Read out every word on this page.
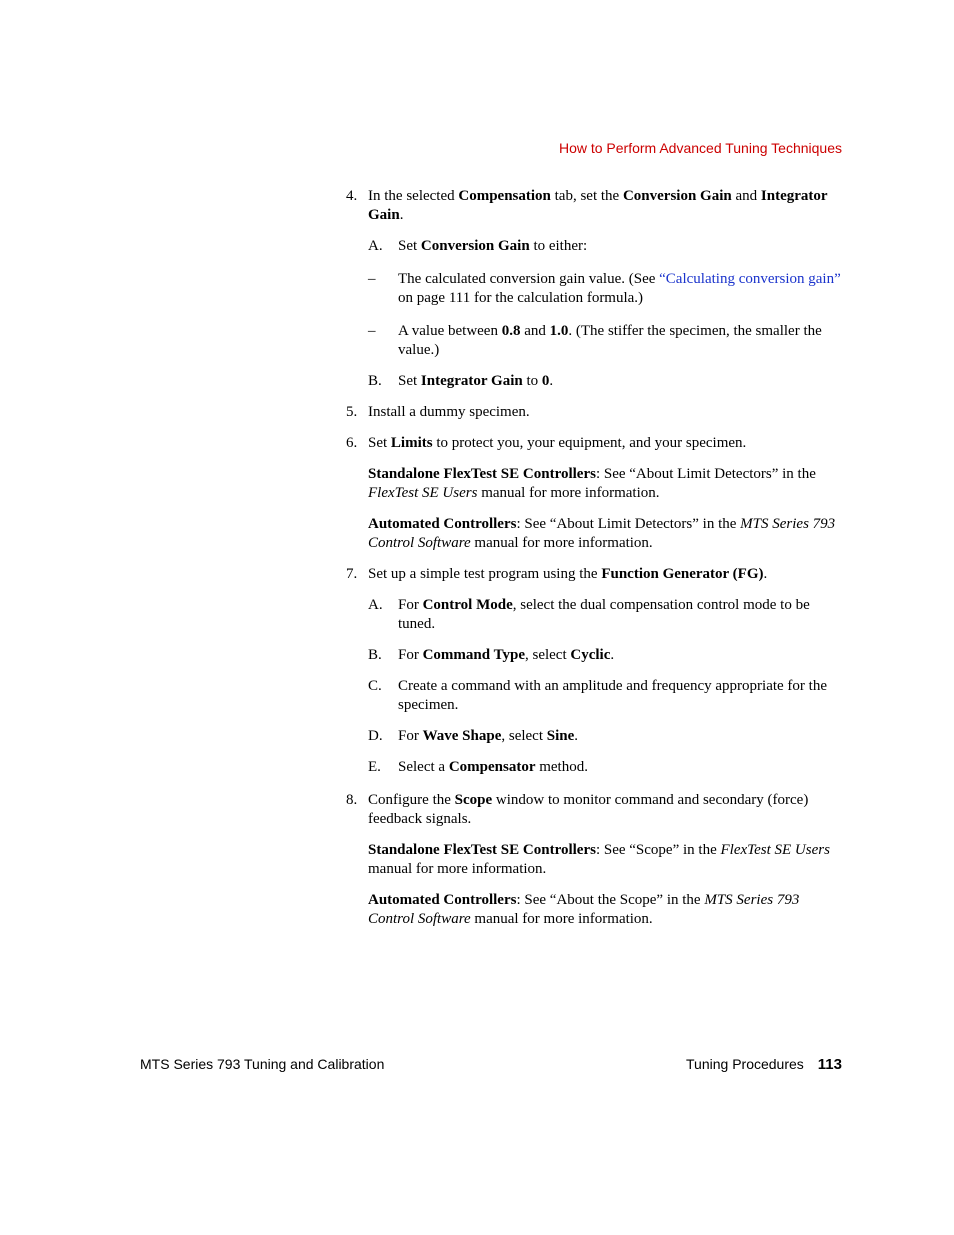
How to Perform Advanced Tuning Techniques
4. In the selected Compensation tab, set the Conversion Gain and Integrator Gain.
A. Set Conversion Gain to either:
– The calculated conversion gain value. (See “Calculating conversion gain” on page 111 for the calculation formula.)
– A value between 0.8 and 1.0. (The stiffer the specimen, the smaller the value.)
B. Set Integrator Gain to 0.
5. Install a dummy specimen.
6. Set Limits to protect you, your equipment, and your specimen.
Standalone FlexTest SE Controllers: See “About Limit Detectors” in the FlexTest SE Users manual for more information.
Automated Controllers: See “About Limit Detectors” in the MTS Series 793 Control Software manual for more information.
7. Set up a simple test program using the Function Generator (FG).
A. For Control Mode, select the dual compensation control mode to be tuned.
B. For Command Type, select Cyclic.
C. Create a command with an amplitude and frequency appropriate for the specimen.
D. For Wave Shape, select Sine.
E. Select a Compensator method.
8. Configure the Scope window to monitor command and secondary (force) feedback signals.
Standalone FlexTest SE Controllers: See “Scope” in the FlexTest SE Users manual for more information.
Automated Controllers: See “About the Scope” in the MTS Series 793 Control Software manual for more information.
MTS Series 793 Tuning and Calibration	Tuning Procedures 113
